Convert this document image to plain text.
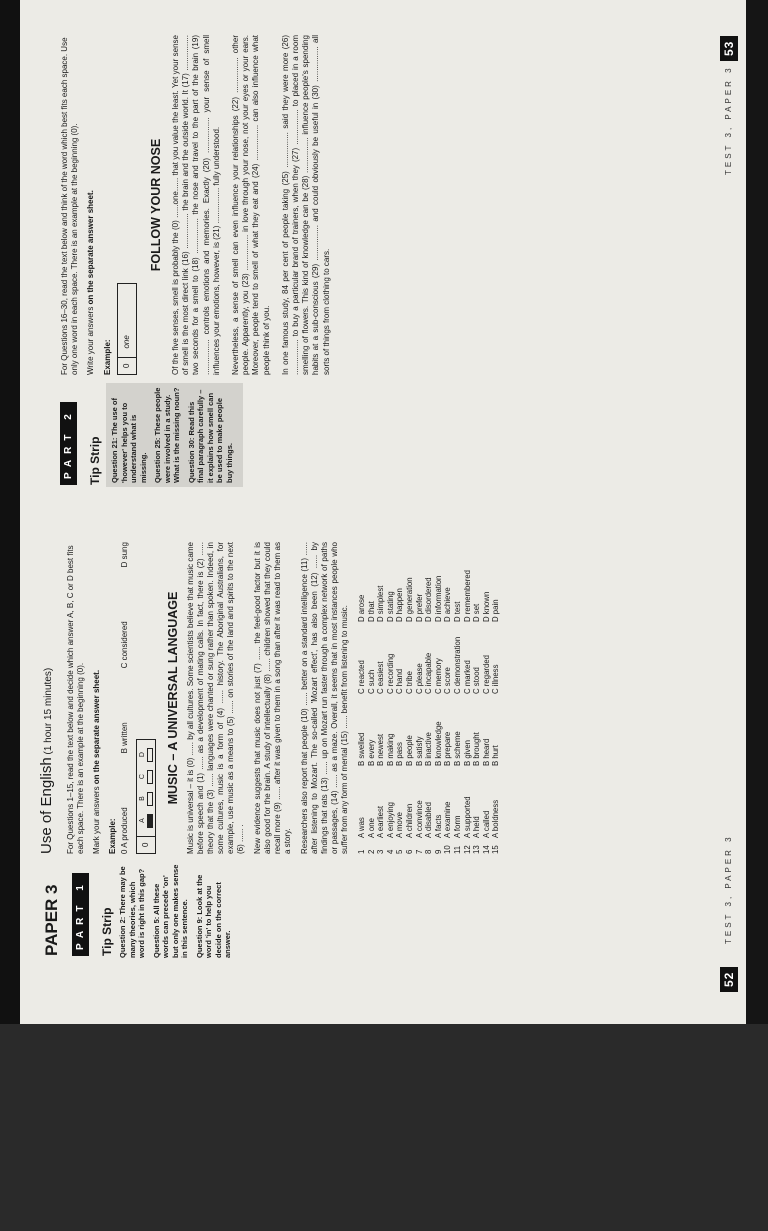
PAPER 3	PART 1 Tip Strip Question 2: There may be many theories, which word is right in this gap? Question 5: All these words can precede 'on' but only one makes sense in this sentence. Question 9: Look at the word 'in' to help you decide on the correct answer.

Use of English (1 hour 15 minutes) For Questions 1–15, read the text below and decide which answer A, B, C or D best fits each space. There is an example at the beginning (0). Mark your answers on the separate answer sheet.
Example: 0 A produced
B written
C considered
D sung
0
A
B
C
D MUSIC – A UNIVERSAL LANGUAGE Music is universal – it is (0) ...... by all cultures. Some scientists believe that music came before speech and (1) ...... as a development of mating calls. In fact, there is (2) ...... theory that the (3) ...... languages were chanted or sung rather than spoken. Indeed, in some cultures, music is a form of (4) ...... history. The Aboriginal Australians, for example, use music as a means to (5) ...... on stories of the land and spirits to the next (6) ...... . New evidence suggests that music does not just (7) ...... the feel-good factor but it is also good for the brain. A study of intellectually (8) ...... children showed that they could recall more (9) ...... after it was given to them in a song than after it was read to them as a story. Researchers also report that people (10) ...... better on a standard intelligence (11) ...... after listening to Mozart. The so-called 'Mozart effect', has also been (12) ...... by findings that rats (13) ...... up on Mozart run faster through a complex network of paths or passages, (14) ...... as a maze. Overall, it seems that in most instances people who suffer from any form of mental (15) ...... benefit from listening to music. 1 2 3 4 5 6 7 8 9 10 11 12 13 14 15
A was A one A earliest A enjoying A move A children A convince A disabled A facts A examine A form A supported A held A called A boldness
B swelled B every B newest B making B pass B people B satisfy B inactive B knowledge B prepare B scheme B given B brought B heard B hurt
C reacted C such C easiest C recording C hand C tribe C please C incapable C memory C score C demonstration C marked C stood C regarded C illness
D arose D that D simplest D stating D happen D generation D prefer D disordered D information D achieve D test D remembered D set D known D pain
52
TEST 3, PAPER 3
PART 2 Tip Strip Question 21: The use of 'however' helps you to understand what is missing. Question 25: These people were involved in a study. What is the missing noun? Question 30: Read this final paragraph carefully – it explains how smell can be used to make people buy things.

For Questions 16–30, read the text below and think of the word which best fits each space. Use only one word in each space. There is an example at the beginning (0). Write your answers on the separate answer sheet.
Example:	0
one
FOLLOW YOUR NOSE Of the five senses, smell is probably the (0) ......one...... that you value the least. Yet your sense of smell is the most direct link (16) ................ the brain and the outside world. It (17) ................ two seconds for a smell to (18) ................ the nose and travel to the part of the brain (19) ................ controls emotions and memories. Exactly (20) ................ your sense of smell influences your emotions, however, is (21) ................ fully understood. Nevertheless, a sense of smell can even influence your relationships (22) ................ other people. Apparently, you (23) ................ in love through your nose, not your eyes or your ears. Moreover, people tend to smell of what they eat and (24) ................ can also influence what people think of you. In one famous study, 84 per cent of people taking (25) ................ said they were more (26) ................ to buy a particular brand of trainers, when they (27) ................ to placed in a room smelling of flowers. This kind of knowledge can be (28) ................ influence people's spending habits at a sub-conscious (29) ................ and could obviously be useful in (30) ................ all sorts of things from clothing to cars.

53
TEST 3, PAPER 3
